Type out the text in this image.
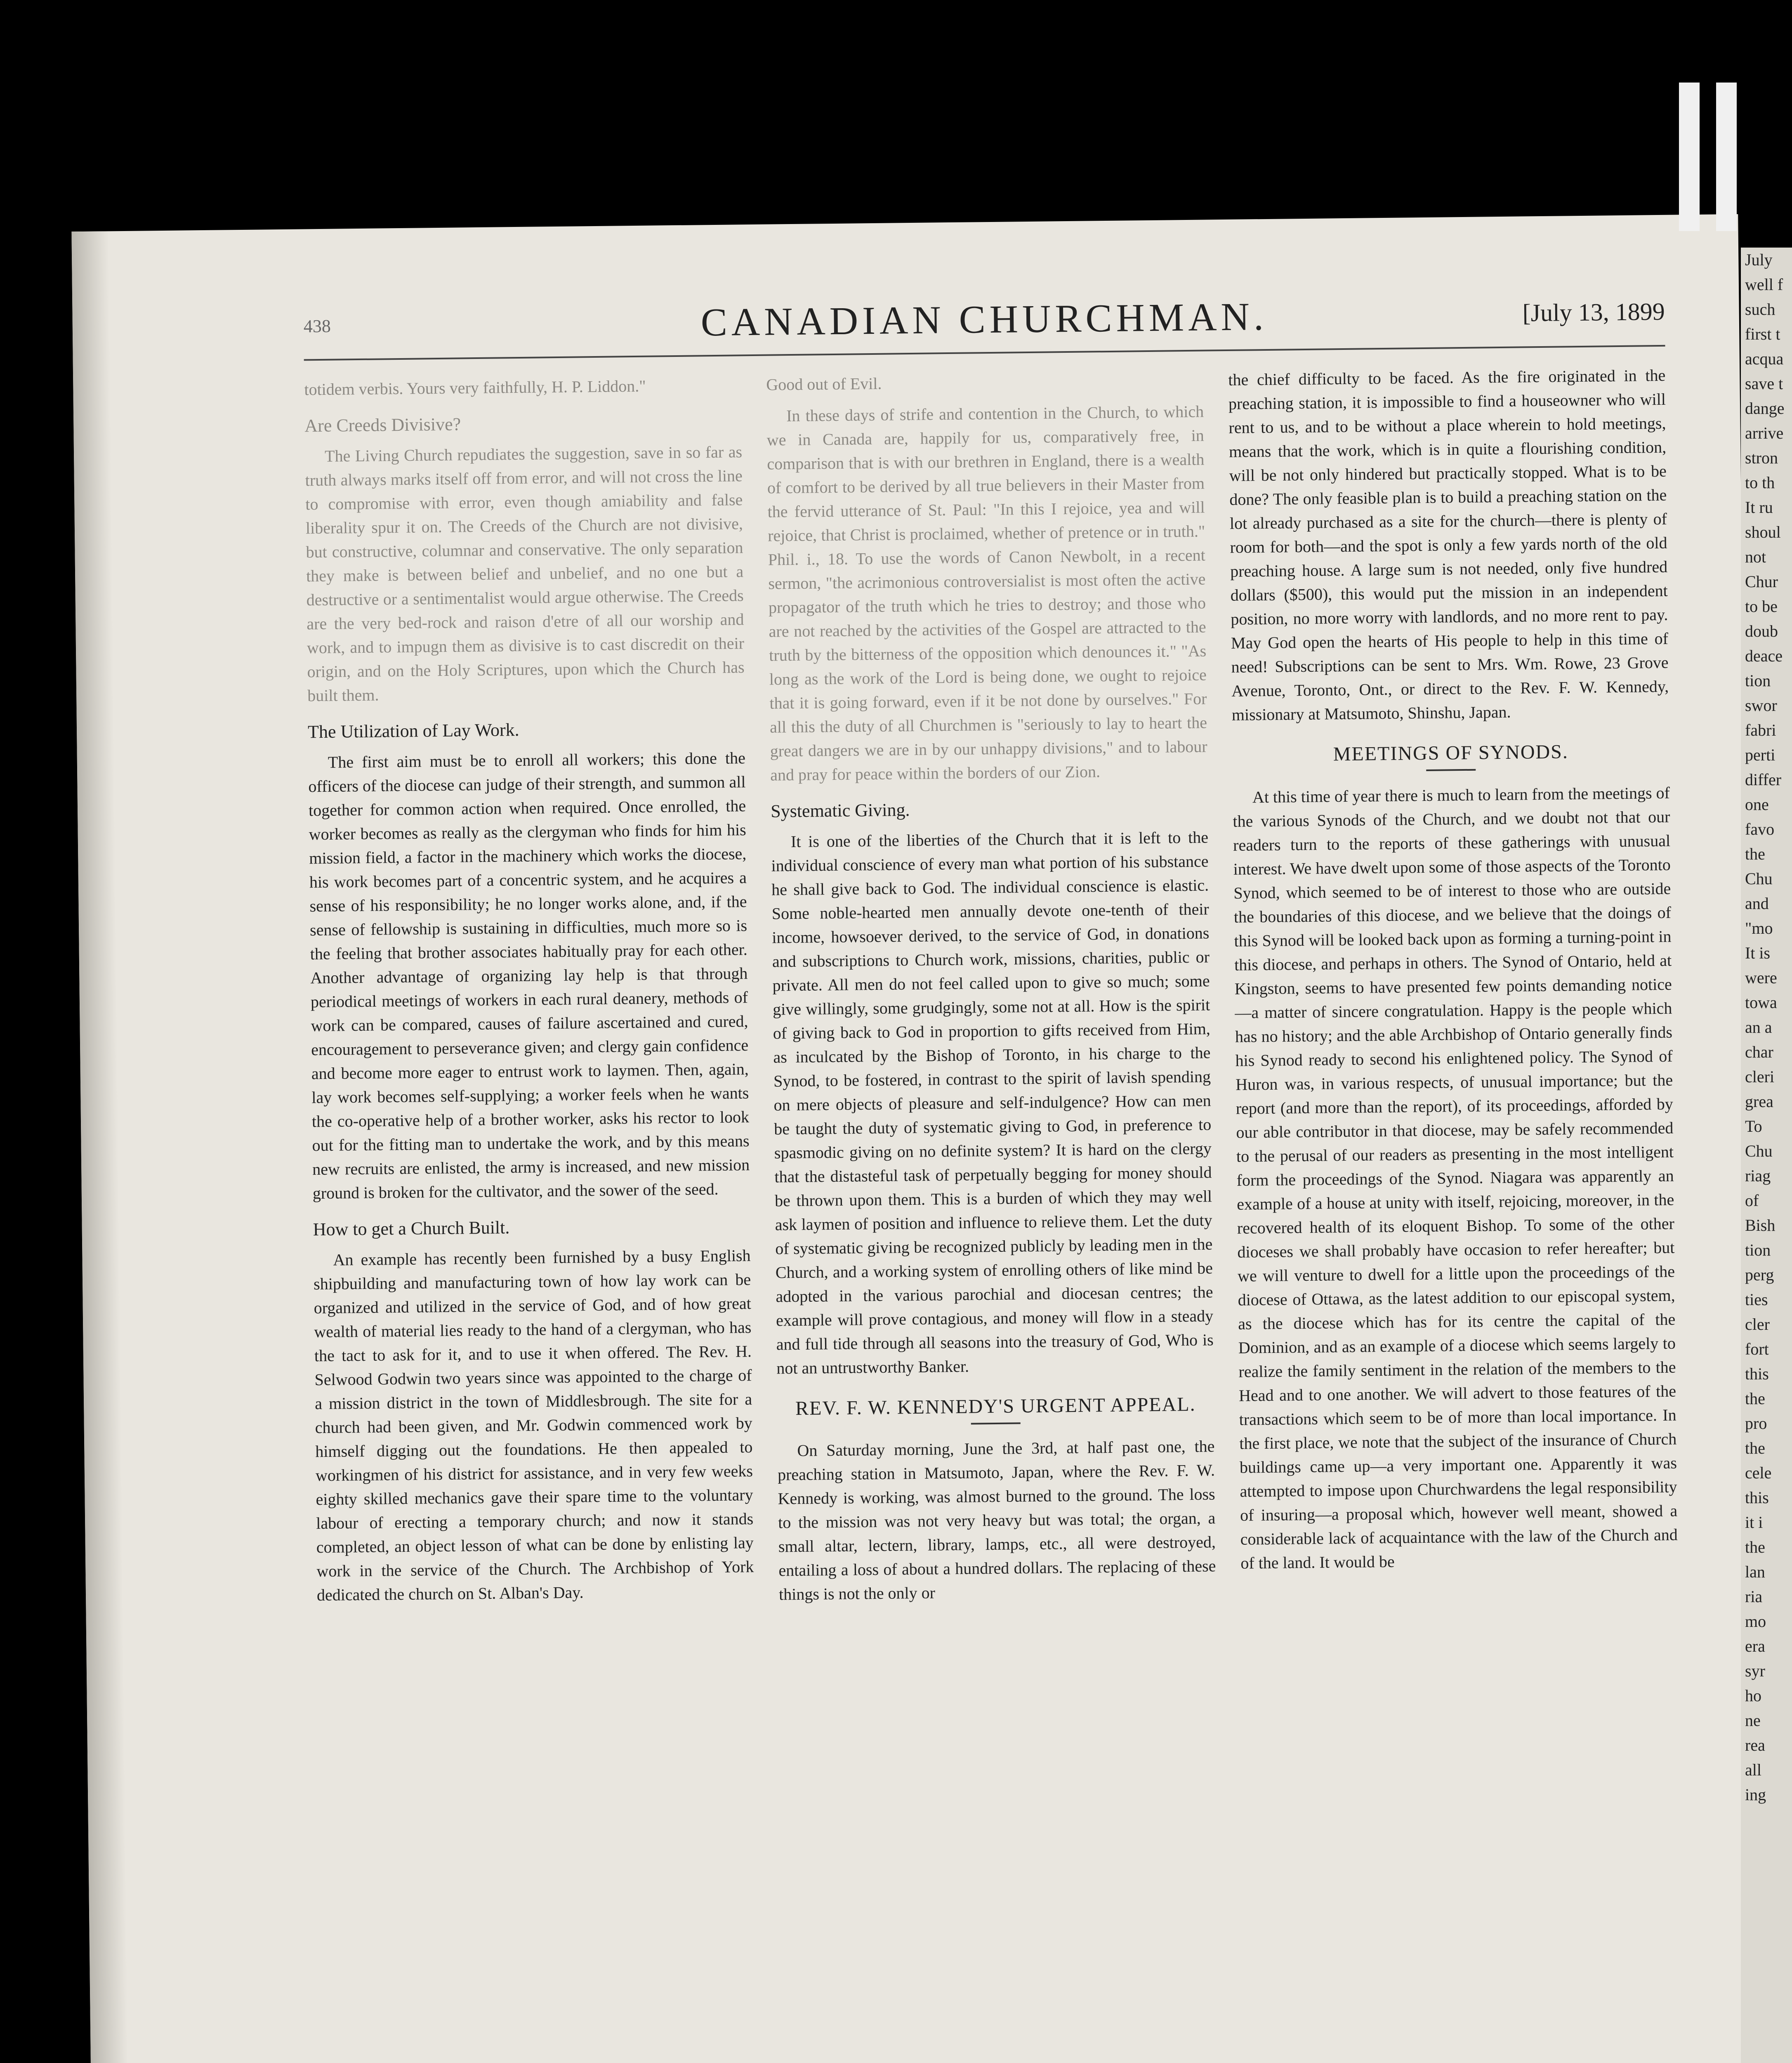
438	CANADIAN CHURCHMAN.	[July 13, 1899

totidem verbis. Yours very faithfully, H. P. Liddon."

Are Creeds Divisive?

The Living Church repudiates the suggestion, save in so far as truth always marks itself off from error, and will not cross the line to compromise with error, even though amiability and false liberality spur it on. The Creeds of the Church are not divisive, but constructive, columnar and conservative. The only separation they make is between belief and unbelief, and no one but a destructive or a sentimentalist would argue otherwise. The Creeds are the very bed-rock and raison d'etre of all our worship and work, and to impugn them as divisive is to cast discredit on their origin, and on the Holy Scriptures, upon which the Church has built them.

The Utilization of Lay Work.

The first aim must be to enroll all workers; this done the officers of the diocese can judge of their strength, and summon all together for common action when required. Once enrolled, the worker becomes as really as the clergyman who finds for him his mission field, a factor in the machinery which works the diocese, his work becomes part of a concentric system, and he acquires a sense of his responsibility; he no longer works alone, and, if the sense of fellowship is sustaining in difficulties, much more so is the feeling that brother associates habitually pray for each other. Another advantage of organizing lay help is that through periodical meetings of workers in each rural deanery, methods of work can be compared, causes of failure ascertained and cured, encouragement to perseverance given; and clergy gain confidence and become more eager to entrust work to laymen. Then, again, lay work becomes self-supplying; a worker feels when he wants the co-operative help of a brother worker, asks his rector to look out for the fitting man to undertake the work, and by this means new recruits are enlisted, the army is increased, and new mission ground is broken for the cultivator, and the sower of the seed.

How to get a Church Built.

An example has recently been furnished by a busy English shipbuilding and manufacturing town of how lay work can be organized and utilized in the service of God, and of how great wealth of material lies ready to the hand of a clergyman, who has the tact to ask for it, and to use it when offered. The Rev. H. Selwood Godwin two years since was appointed to the charge of a mission district in the town of Middlesbrough. The site for a church had been given, and Mr. Godwin commenced work by himself digging out the foundations. He then appealed to workingmen of his district for assistance, and in very few weeks eighty skilled mechanics gave their spare time to the voluntary labour of erecting a temporary church; and now it stands completed, an object lesson of what can be done by enlisting lay work in the service of the Church. The Archbishop of York dedicated the church on St. Alban's Day.

Good out of Evil.

In these days of strife and contention in the Church, to which we in Canada are, happily for us, comparatively free, in comparison that is with our brethren in England, there is a wealth of comfort to be derived by all true believers in their Master from the fervid utterance of St. Paul: "In this I rejoice, yea and will rejoice, that Christ is proclaimed, whether of pretence or in truth." Phil. i., 18. To use the words of Canon Newbolt, in a recent sermon, "the acrimonious controversialist is most often the active propagator of the truth which he tries to destroy; and those who are not reached by the activities of the Gospel are attracted to the truth by the bitterness of the opposition which denounces it." "As long as the work of the Lord is being done, we ought to rejoice that it is going forward, even if it be not done by ourselves." For all this the duty of all Churchmen is "seriously to lay to heart the great dangers we are in by our unhappy divisions," and to labour and pray for peace within the borders of our Zion.

Systematic Giving.

It is one of the liberties of the Church that it is left to the individual conscience of every man what portion of his substance he shall give back to God. The individual conscience is elastic. Some noble-hearted men annually devote one-tenth of their income, howsoever derived, to the service of God, in donations and subscriptions to Church work, missions, charities, public or private. All men do not feel called upon to give so much; some give willingly, some grudgingly, some not at all. How is the spirit of giving back to God in proportion to gifts received from Him, as inculcated by the Bishop of Toronto, in his charge to the Synod, to be fostered, in contrast to the spirit of lavish spending on mere objects of pleasure and self-indulgence? How can men be taught the duty of systematic giving to God, in preference to spasmodic giving on no definite system? It is hard on the clergy that the distasteful task of perpetually begging for money should be thrown upon them. This is a burden of which they may well ask laymen of position and influence to relieve them. Let the duty of systematic giving be recognized publicly by leading men in the Church, and a working system of enrolling others of like mind be adopted in the various parochial and diocesan centres; the example will prove contagious, and money will flow in a steady and full tide through all seasons into the treasury of God, Who is not an untrustworthy Banker.

REV. F. W. KENNEDY'S URGENT APPEAL.

On Saturday morning, June the 3rd, at half past one, the preaching station in Matsumoto, Japan, where the Rev. F. W. Kennedy is working, was almost burned to the ground. The loss to the mission was not very heavy but was total; the organ, a small altar, lectern, library, lamps, etc., all were destroyed, entailing a loss of about a hundred dollars. The replacing of these things is not the only or

the chief difficulty to be faced. As the fire originated in the preaching station, it is impossible to find a houseowner who will rent to us, and to be without a place wherein to hold meetings, means that the work, which is in quite a flourishing condition, will be not only hindered but practically stopped. What is to be done? The only feasible plan is to build a preaching station on the lot already purchased as a site for the church—there is plenty of room for both—and the spot is only a few yards north of the old preaching house. A large sum is not needed, only five hundred dollars ($500), this would put the mission in an independent position, no more worry with landlords, and no more rent to pay. May God open the hearts of His people to help in this time of need! Subscriptions can be sent to Mrs. Wm. Rowe, 23 Grove Avenue, Toronto, Ont., or direct to the Rev. F. W. Kennedy, missionary at Matsumoto, Shinshu, Japan.

MEETINGS OF SYNODS.

At this time of year there is much to learn from the meetings of the various Synods of the Church, and we doubt not that our readers turn to the reports of these gatherings with unusual interest. We have dwelt upon some of those aspects of the Toronto Synod, which seemed to be of interest to those who are outside the boundaries of this diocese, and we believe that the doings of this Synod will be looked back upon as forming a turning-point in this diocese, and perhaps in others. The Synod of Ontario, held at Kingston, seems to have presented few points demanding notice—a matter of sincere congratulation. Happy is the people which has no history; and the able Archbishop of Ontario generally finds his Synod ready to second his enlightened policy. The Synod of Huron was, in various respects, of unusual importance; but the report (and more than the report), of its proceedings, afforded by our able contributor in that diocese, may be safely recommended to the perusal of our readers as presenting in the most intelligent form the proceedings of the Synod. Niagara was apparently an example of a house at unity with itself, rejoicing, moreover, in the recovered health of its eloquent Bishop. To some of the other dioceses we shall probably have occasion to refer hereafter; but we will venture to dwell for a little upon the proceedings of the diocese of Ottawa, as the latest addition to our episcopal system, as the diocese which has for its centre the capital of the Dominion, and as an example of a diocese which seems largely to realize the family sentiment in the relation of the members to the Head and to one another. We will advert to those features of the transactions which seem to be of more than local importance. In the first place, we note that the subject of the insurance of Church buildings came up—a very important one. Apparently it was attempted to impose upon Churchwardens the legal responsibility of insuring—a proposal which, however well meant, showed a considerable lack of acquaintance with the law of the Church and of the land. It would be

July
well f
such
first t
acqua
save t
dange
arrive
stron
to th
It ru
shoul
not
Chur
to be
doub
deace
tion
swor
fabri
perti
differ
one
favo
the
Chu
and
"mo
It is
were
towa
an a
char
cleri
grea
To
Chu
riag
of
Bish
tion
perg
ties
cler
fort
this
the
pro
the
cele
this
it i
the
lan
ria
mo
era
syr
ho
ne
rea
all
ing
